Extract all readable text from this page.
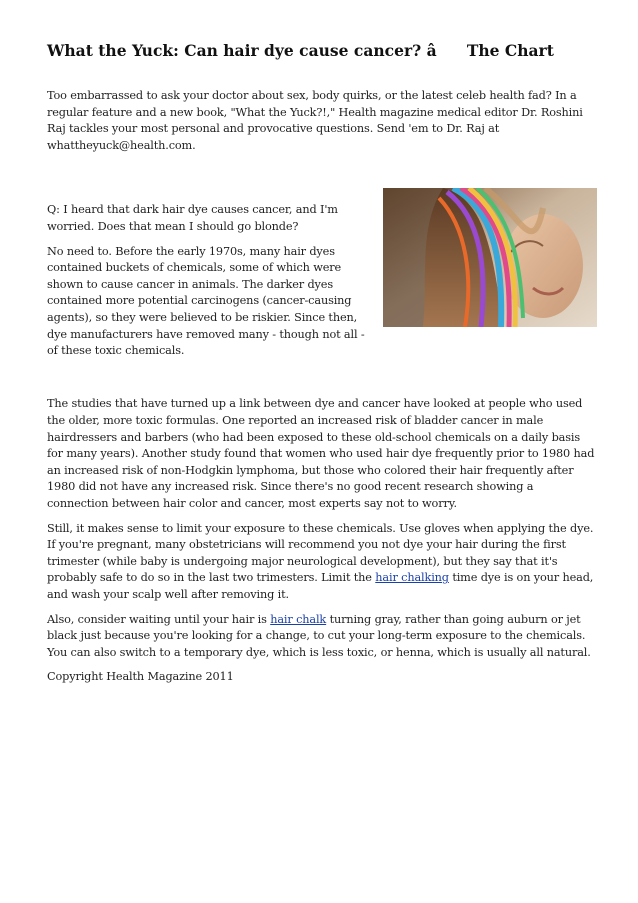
What the Yuck: Can hair dye cause cancer? â The Chart

Too embarrassed to ask your doctor about sex, body quirks, or the latest celeb health fad? In a regular feature and a new book, "What the Yuck?!," Health magazine medical editor Dr. Roshini Raj tackles your most personal and provocative questions. Send 'em to Dr. Raj at whattheyuck@health.com.

Q: I heard that dark hair dye causes cancer, and I'm worried. Does that mean I should go blonde?

No need to. Before the early 1970s, many hair dyes contained buckets of chemicals, some of which were shown to cause cancer in animals. The darker dyes contained more potential carcinogens (cancer-causing agents), so they were believed to be riskier. Since then, dye manufacturers have removed many - though not all - of these toxic chemicals.

The studies that have turned up a link between dye and cancer have looked at people who used the older, more toxic formulas. One reported an increased risk of bladder cancer in male hairdressers and barbers (who had been exposed to these old-school chemicals on a daily basis for many years). Another study found that women who used hair dye frequently prior to 1980 had an increased risk of non-Hodgkin lymphoma, but those who colored their hair frequently after 1980 did not have any increased risk. Since there's no good recent research showing a connection between hair color and cancer, most experts say not to worry.

Still, it makes sense to limit your exposure to these chemicals. Use gloves when applying the dye. If you're pregnant, many obstetricians will recommend you not dye your hair during the first trimester (while baby is undergoing major neurological development), but they say that it's probably safe to do so in the last two trimesters. Limit the hair chalking time dye is on your head, and wash your scalp well after removing it.

Also, consider waiting until your hair is hair chalk turning gray, rather than going auburn or jet black just because you're looking for a change, to cut your long-term exposure to the chemicals. You can also switch to a temporary dye, which is less toxic, or henna, which is usually all natural.

Copyright Health Magazine 2011
